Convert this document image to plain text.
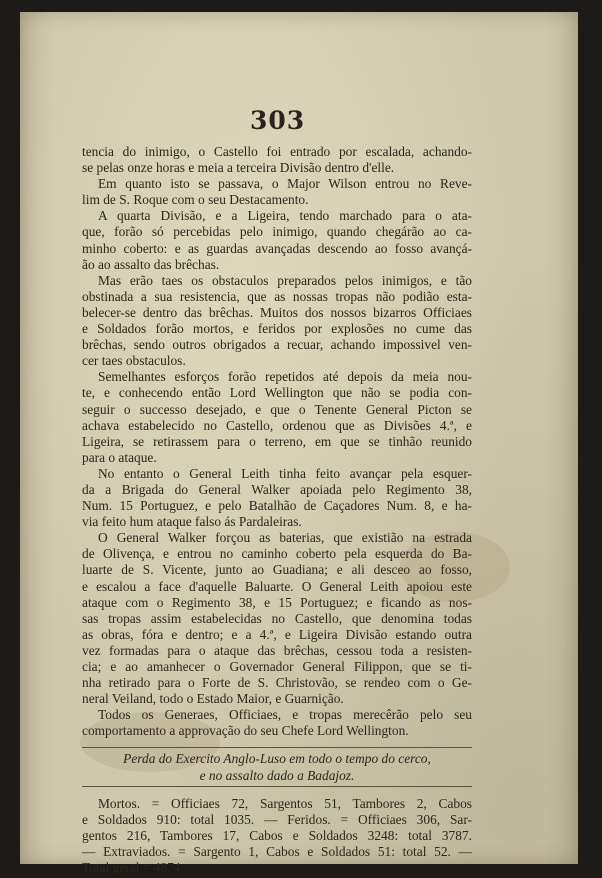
303
tencia do inimigo, o Castello foi entrado por escalada, achando-
se pelas onze horas e meia a terceira Divisão dentro d'elle.
Em quanto isto se passava, o Major Wilson entrou no Reve-
lim de S. Roque com o seu Destacamento.
A quarta Divisão, e a Ligeira, tendo marchado para o ata-
que, forão só percebidas pelo inimigo, quando chegárão ao ca-
minho coberto: e as guardas avançadas descendo ao fosso avançá-
ão ao assalto das brêchas.
Mas erão taes os obstaculos preparados pelos inimigos, e tão
obstinada a sua resistencia, que as nossas tropas não podião esta-
belecer-se dentro das brêchas. Muitos dos nossos bizarros Officiaes
e Soldados forão mortos, e feridos por explosões no cume das
brêchas, sendo outros obrigados a recuar, achando impossivel ven-
cer taes obstaculos.
Semelhantes esforços forão repetidos até depois da meia nou-
te, e conhecendo então Lord Wellington que não se podia con-
seguir o successo desejado, e que o Tenente General Picton se
achava estabelecido no Castello, ordenou que as Divisões 4.ª, e
Ligeira, se retirassem para o terreno, em que se tinhão reunido
para o ataque.
No entanto o General Leith tinha feito avançar pela esquer-
da a Brigada do General Walker apoiada pelo Regimento 38,
Num. 15 Portuguez, e pelo Batalhão de Caçadores Num. 8, e ha-
via feito hum ataque falso ás Pardaleiras.
O General Walker forçou as baterias, que existião na estrada
de Olivença, e entrou no caminho coberto pela esquerda do Ba-
luarte de S. Vicente, junto ao Guadiana; e ali desceo ao fosso,
e escalou a face d'aquelle Baluarte. O General Leith apoiou este
ataque com o Regimento 38, e 15 Portuguez; e ficando as nos-
sas tropas assim estabelecidas no Castello, que denomina todas
as obras, fóra e dentro; e a 4.ª, e Ligeira Divisão estando outra
vez formadas para o ataque das brêchas, cessou toda a resisten-
cia; e ao amanhecer o Governador General Filippon, que se ti-
nha retirado para o Forte de S. Christovão, se rendeo com o Ge-
neral Veiland, todo o Estado Maior, e Guarnição.
Todos os Generaes, Officiaes, e tropas merecêrão pelo seu
comportamento a approvação do seu Chefe Lord Wellington.
Perda do Exercito Anglo-Luso em todo o tempo do cerco,
e no assalto dado a Badajoz.
Mortos. = Officiaes 72, Sargentos 51, Tambores 2, Cabos
e Soldados 910: total 1035. — Feridos. = Officiaes 306, Sar-
gentos 216, Tambores 17, Cabos e Soldados 3248: total 3787.
— Extraviados. = Sargento 1, Cabos e Soldados 51: total 52. —
Total geral = 4874.
